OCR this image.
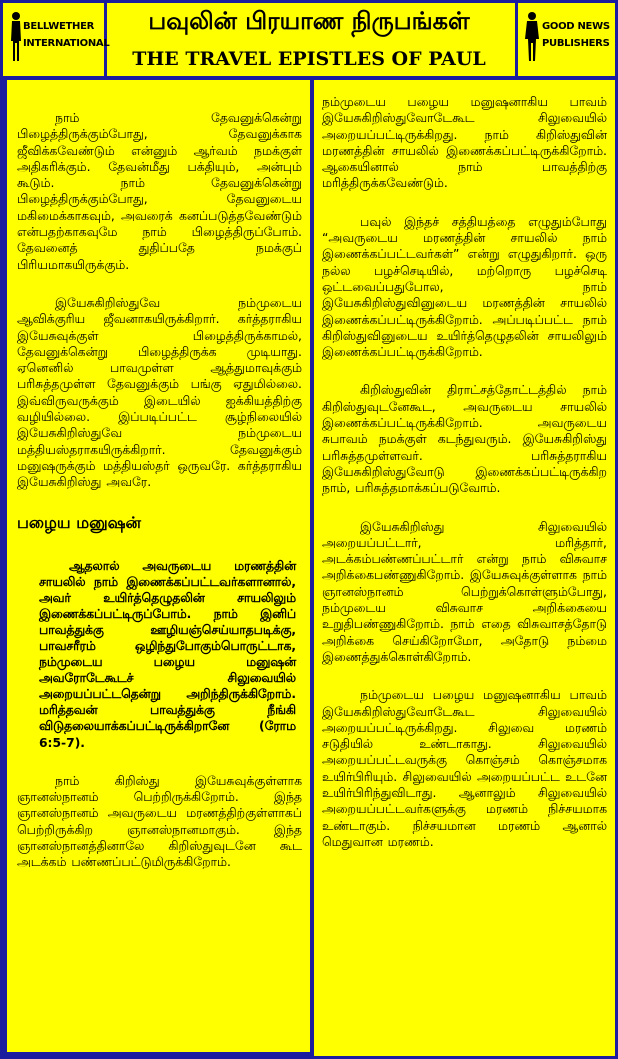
BELLWETHER
INTERNATIONAL
பவுலின் பிரயாண நிருபங்கள்
THE TRAVEL EPISTLES OF PAUL
GOOD NEWS
PUBLISHERS

நாம் தேவனுக்கென்று பிழைத்திருக்கும்போது, தேவனுக்காக ஜீவிக்கவேண்டும் என்னும் ஆர்வம் நமக்குள் அதிகரிக்கும். தேவன்மீது பக்தியும், அன்பும் கூடும். நாம் தேவனுக்கென்று பிழைத்திருக்கும்போது, தேவனுடைய மகிமைக்காகவும், அவரைக் கனப்படுத்தவேண்டும் என்பதற்காகவுமே நாம் பிழைத்திருப்போம். தேவனைத் துதிப்பதே நமக்குப் பிரியமாகயிருக்கும்.

இயேசுகிறிஸ்துவே நம்முடைய ஆவிக்குரிய ஜீவனாகயிருக்கிறார். கர்த்தராகிய இயேசுவுக்குள் பிழைத்திருக்காமல், தேவனுக்கென்று பிழைத்திருக்க முடியாது. ஏனெனில் பாவமுள்ள ஆத்துமாவுக்கும் பரிசுத்தமுள்ள தேவனுக்கும் பங்கு ஏதுமில்லை. இவ்விருவருக்கும் இடையில் ஐக்கியத்திற்கு வழியில்லை. இப்படிப்பட்ட சூழ்நிலையில் இயேசுகிறிஸ்துவே நம்முடைய மத்தியஸ்தராகயிருக்கிறார். தேவனுக்கும் மனுஷருக்கும் மத்தியஸ்தர் ஒருவரே. கர்த்தராகிய இயேசுகிறிஸ்து அவரே.

பழைய மனுஷன்

ஆதலால் அவருடைய மரணத்தின் சாயலில் நாம் இணைக்கப்பட்டவர்களானால், அவர் உயிர்த்தெழுதலின் சாயலிலும் இணைக்கப்பட்டிருப்போம். நாம் இனிப் பாவத்துக்கு ஊழியஞ்செய்யாதபடிக்கு, பாவசரீரம் ஒழிந்துபோகும்பொருட்டாக, நம்முடைய பழைய மனுஷன் அவரோடேகூடச் சிலுவையில் அறையப்பட்டதென்று அறிந்திருக்கிறோம். மரித்தவன் பாவத்துக்கு நீங்கி விடுதலையாக்கப்பட்டிருக்கிறானே (ரோம 6:5-7).

நாம் கிறிஸ்து இயேசுவுக்குள்ளாக ஞானஸ்நானம் பெற்றிருக்கிறோம். இந்த ஞானஸ்நானம் அவருடைய மரணத்திற்குள்ளாகப் பெற்றிருக்கிற ஞானஸ்நானமாகும். இந்த ஞானஸ்நானத்தினாலே கிறிஸ்துவுடனே கூட அடக்கம் பண்ணப்பட்டுமிருக்கிறோம்.

நம்முடைய பழைய மனுஷனாகிய பாவம் இயேசுகிறிஸ்துவோடேகூட சிலுவையில் அறையப்பட்டிருக்கிறது. நாம் கிறிஸ்துவின் மரணத்தின் சாயலில் இணைக்கப்பட்டிருக்கிறோம். ஆகையினால் நாம் பாவத்திற்கு மரித்திருக்கவேண்டும்.

பவுல் இந்தச் சத்தியத்தை எழுதும்போது “அவருடைய மரணத்தின் சாயலில் நாம் இணைக்கப்பட்டவர்கள்” என்று எழுதுகிறார். ஒரு நல்ல பழச்செடியில், மற்றொரு பழச்செடி ஒட்டவைப்பதுபோல, நாம் இயேசுகிறிஸ்துவினுடைய மரணத்தின் சாயலில் இணைக்கப்பட்டிருக்கிறோம். அப்படிப்பட்ட நாம் கிறிஸ்துவினுடைய உயிர்த்தெழுதலின் சாயலிலும் இணைக்கப்பட்டிருக்கிறோம்.

கிறிஸ்துவின் திராட்சத்தோட்டத்தில் நாம் கிறிஸ்துவுடனேகூட, அவருடைய சாயலில் இணைக்கப்பட்டிருக்கிறோம். அவருடைய சுபாவம் நமக்குள் கடந்துவரும். இயேசுகிறிஸ்து பரிசுத்தமுள்ளவர். பரிசுத்தராகிய இயேசுகிறிஸ்துவோடு இணைக்கப்பட்டிருக்கிற நாம், பரிசுத்தமாக்கப்படுவோம்.

இயேசுகிறிஸ்து சிலுவையில் அறையப்பட்டார், மரித்தார், அடக்கம்பண்ணப்பட்டார் என்று நாம் விசுவாச அறிக்கைபண்ணுகிறோம். இயேசுவுக்குள்ளாக நாம் ஞானஸ்நானம் பெற்றுக்கொள்ளும்போது, நம்முடைய விசுவாச அறிக்கையை உறுதிபண்ணுகிறோம். நாம் எதை விசுவாசத்தோடு அறிக்கை செய்கிறோமோ, அதோடு நம்மை இணைத்துக்கொள்கிறோம்.

நம்முடைய பழைய மனுஷனாகிய பாவம் இயேசுகிறிஸ்துவோடேகூட சிலுவையில் அறையப்பட்டிருக்கிறது. சிலுவை மரணம் சடுதியில் உண்டாகாது. சிலுவையில் அறையப்பட்டவருக்கு கொஞ்சம் கொஞ்சமாக உயிர்பிரியும். சிலுவையில் அறையப்பட்ட உடனே உயிர்பிரிந்துவிடாது. ஆனாலும் சிலுவையில் அறையப்பட்டவர்களுக்கு மரணம் நிச்சயமாக உண்டாகும். நிச்சயமான மரணம் ஆனால் மெதுவான மரணம்.
